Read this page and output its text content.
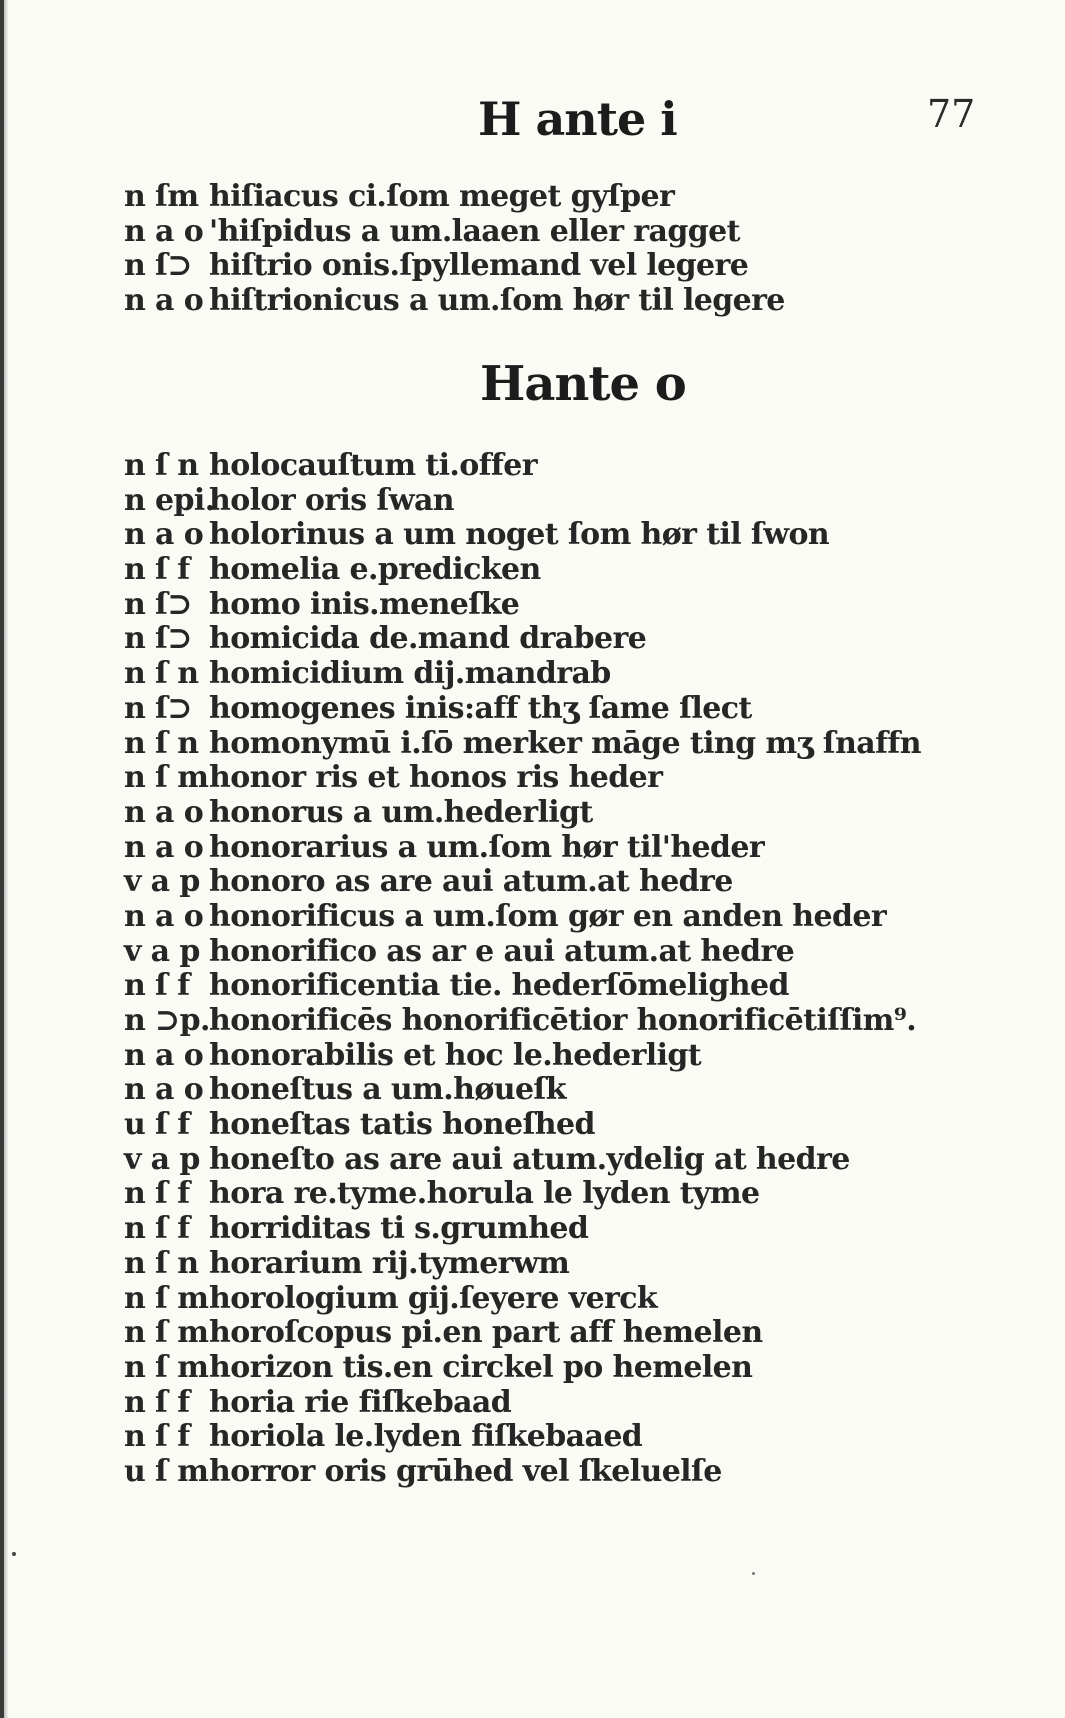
H ante i	77
n ſm hiſiacus ci.ſom meget gyſper
n a o 'hiſpidus a um.laaen eller ragget
n ſ⊃ hiſtrio onis.ſpyllemand vel legere
n a o hiſtrionicus a um.ſom hør til legere
Hante o
n ſ n holocauſtum ti.offer
n epi.
holor oris ſwan
n a o holorinus a um noget ſom hør til ſwon
n ſ f homelia e.predicken
n ſ⊃ homo inis.meneſke
n ſ⊃ homicida de.mand drabere
n ſ n homicidium dij.mandrab
n ſ⊃ homogenes inis:aff thʒ ſame ſlect
n ſ n homonymū i.ſō merker māge ting mʒ ſnaffn
n ſ m honor ris et honos ris heder
n a o honorus a um.hederligt
n a o honorarius a um.ſom hør til'heder
v a p honoro as are aui atum.at hedre
n a o honorificus a um.ſom gør en anden heder
v a p honorifico as ar e aui atum.at hedre
n ſ f honorificentia tie. hederſōmelighed
n ⊃p. honorificēs honorificētior honorificētiſſim⁹.
n a o honorabilis et hoc le.hederligt
n a o honeſtus a um.høueſk
u ſ f honeſtas tatis honeſhed
v a p honeſto as are aui atum.ydelig at hedre
n ſ f hora re.tyme.horula le lyden tyme
n ſ f horriditas ti s.grumhed
n ſ n horarium rij.tymerwm
n ſ m horologium gij.ſeyere verck
n ſ m horoſcopus pi.en part aff hemelen
n ſ m horizon tis.en circkel po hemelen
n ſ f horia rie fiſkebaad
n ſ f horiola le.lyden fiſkebaaed
u ſ m horror oris grūhed vel ſkeluelſe
